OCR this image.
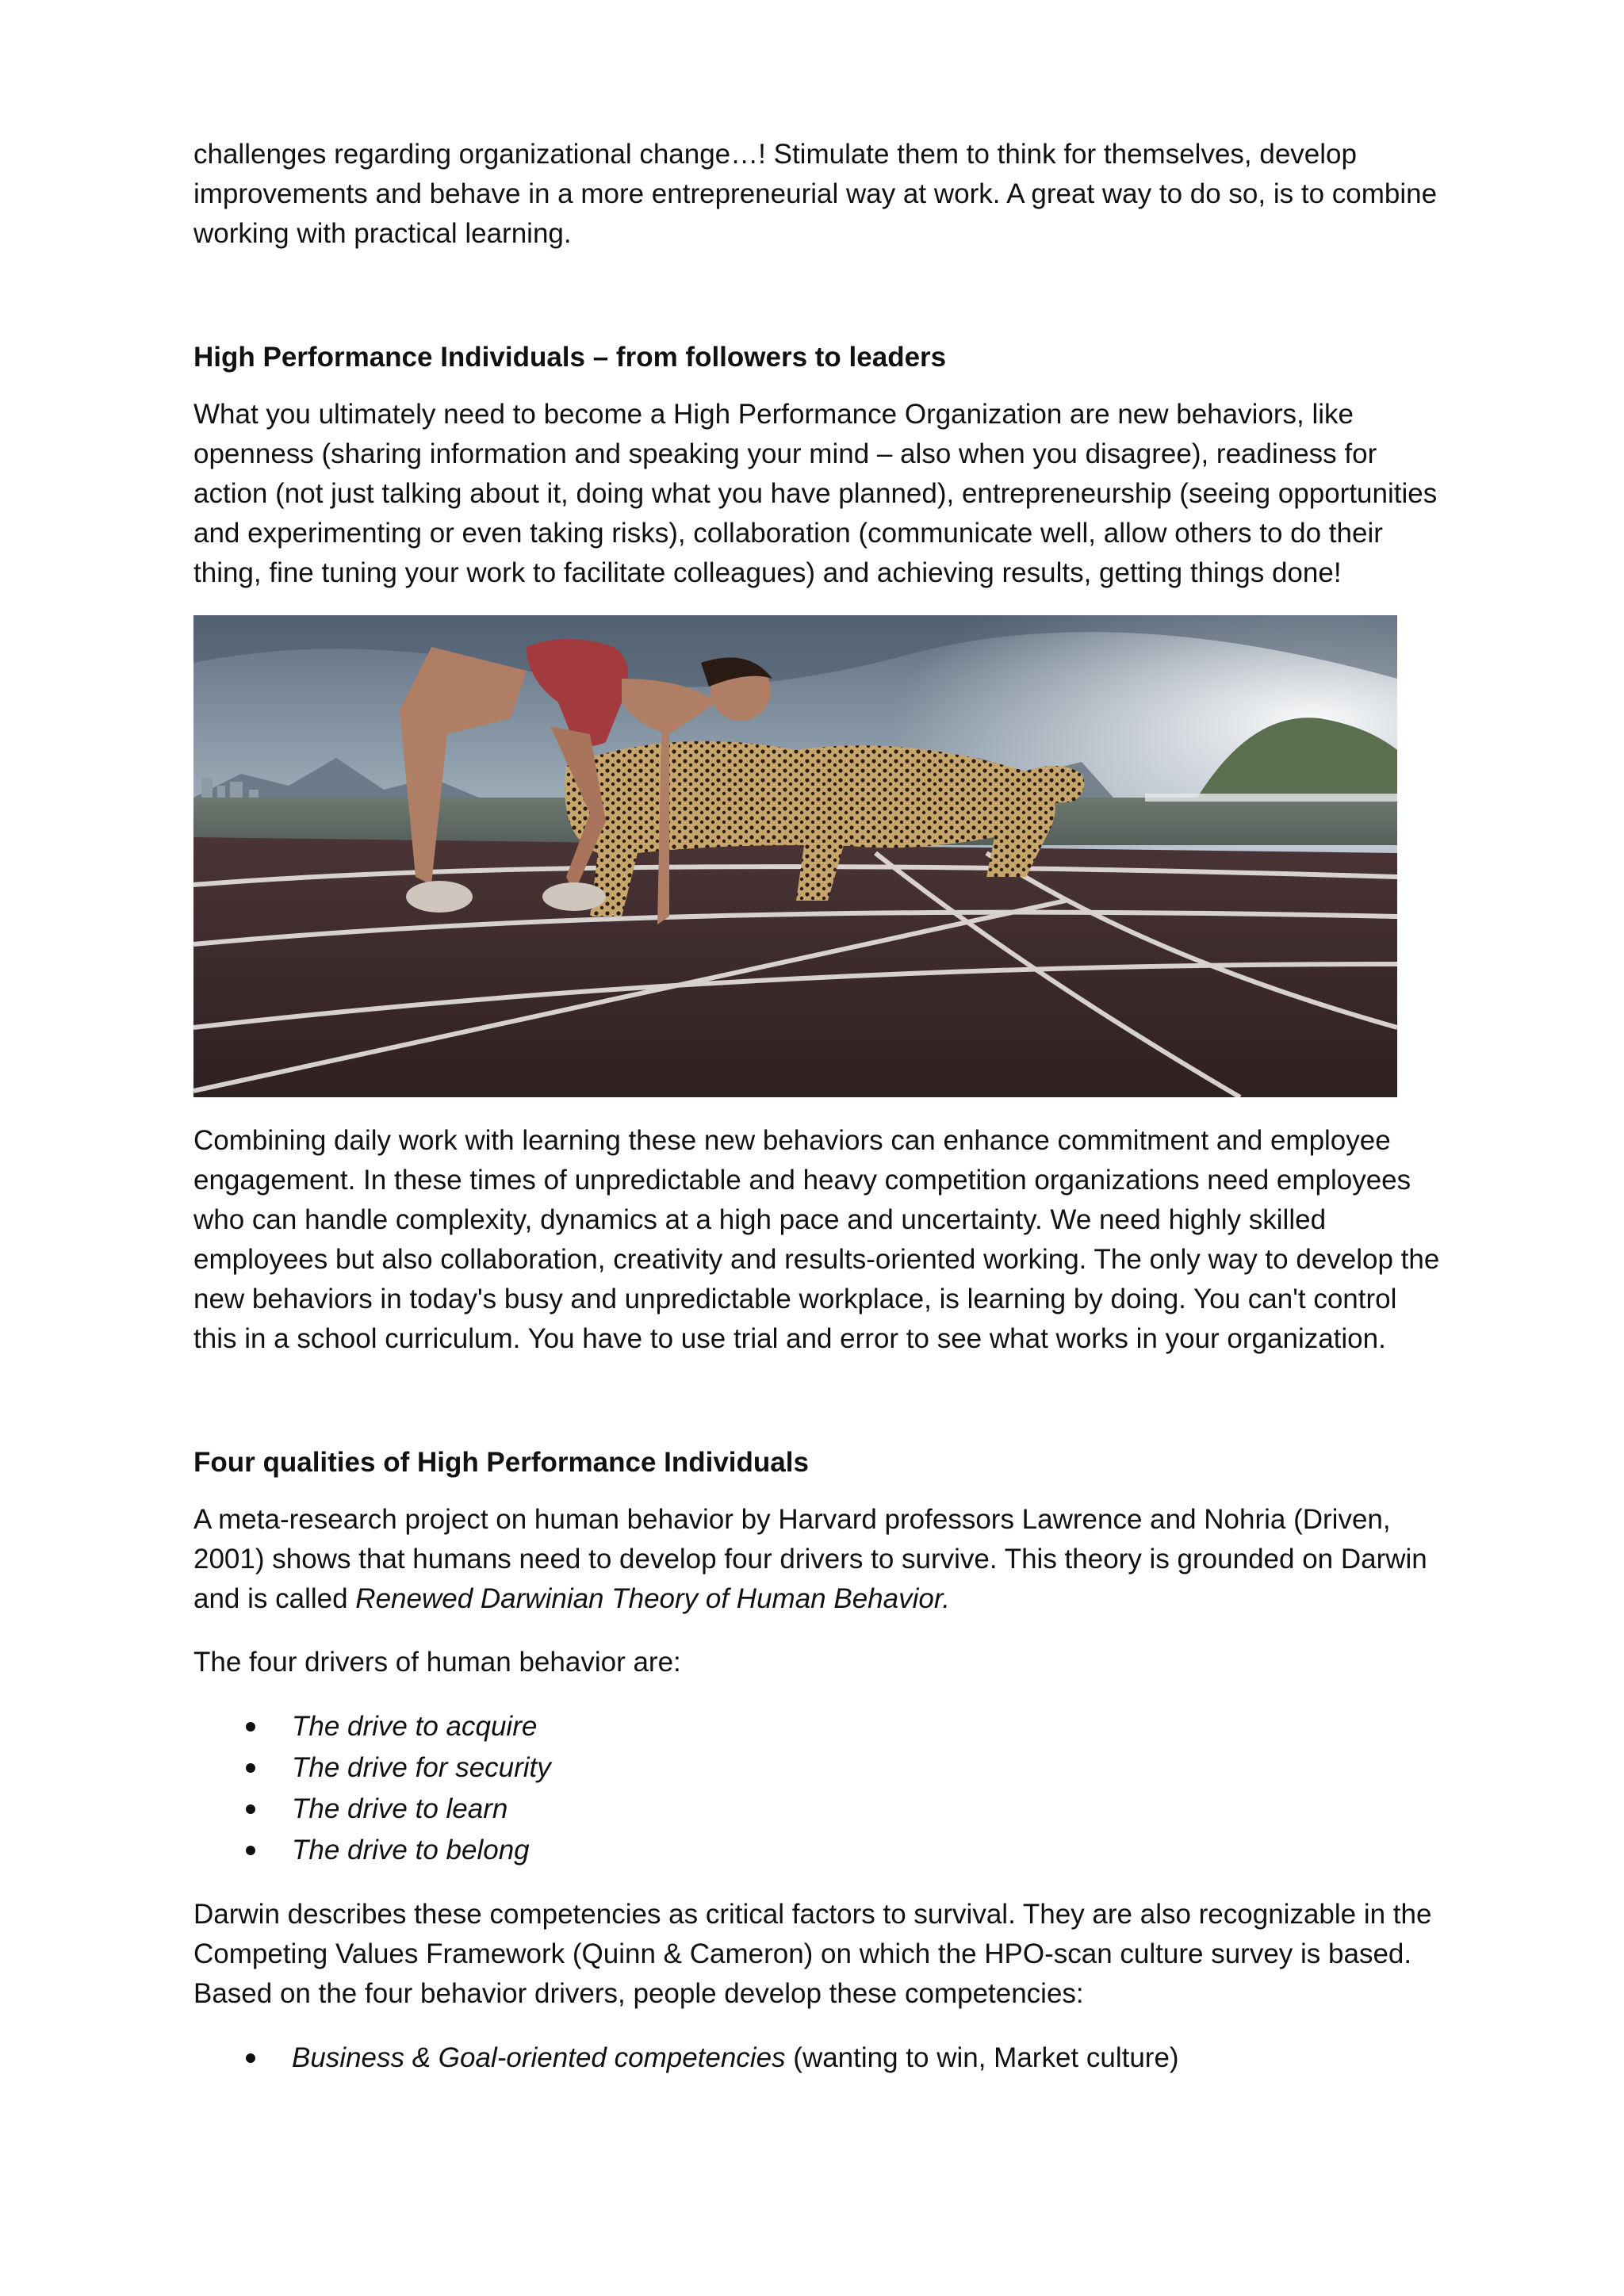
challenges regarding organizational change…! Stimulate them to think for themselves, develop improvements and behave in a more entrepreneurial way at work. A great way to do so, is to combine working with practical learning.

High Performance Individuals – from followers to leaders

What you ultimately need to become a High Performance Organization are new behaviors, like openness (sharing information and speaking your mind – also when you disagree), readiness for action (not just talking about it, doing what you have planned), entrepreneurship (seeing opportunities and experimenting or even taking risks), collaboration (communicate well, allow others to do their thing, fine tuning your work to facilitate colleagues) and achieving results, getting things done!

Combining daily work with learning these new behaviors can enhance commitment and employee engagement. In these times of unpredictable and heavy competition organizations need employees who can handle complexity, dynamics at a high pace and uncertainty. We need highly skilled employees but also collaboration, creativity and results-oriented working. The only way to develop the new behaviors in today's busy and unpredictable workplace, is learning by doing. You can't control this in a school curriculum. You have to use trial and error to see what works in your organization.

Four qualities of High Performance Individuals

A meta-research project on human behavior by Harvard professors Lawrence and Nohria (Driven, 2001) shows that humans need to develop four drivers to survive. This theory is grounded on Darwin and is called Renewed Darwinian Theory of Human Behavior.

The four drivers of human behavior are:

The drive to acquire
The drive for security
The drive to learn
The drive to belong

Darwin describes these competencies as critical factors to survival. They are also recognizable in the Competing Values Framework (Quinn & Cameron) on which the HPO-scan culture survey is based. Based on the four behavior drivers, people develop these competencies:

Business & Goal-oriented competencies (wanting to win, Market culture)
